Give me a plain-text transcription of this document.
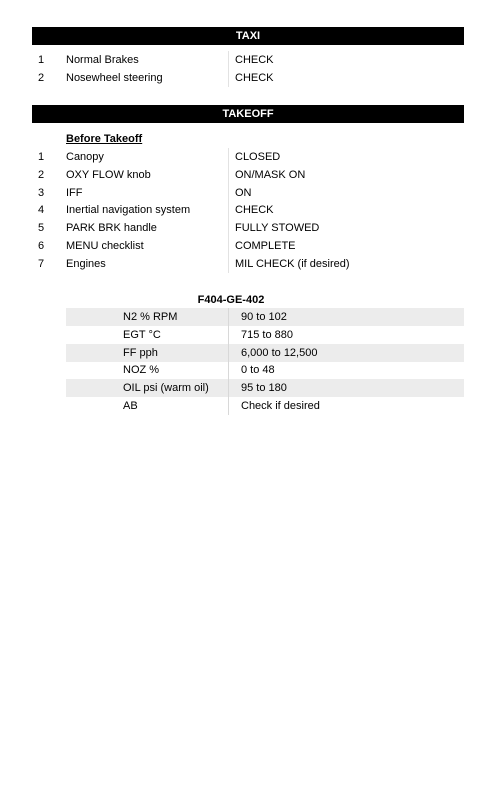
TAXI
1 Normal Brakes	CHECK
2 Nosewheel steering	CHECK
TAKEOFF
Before Takeoff
1 Canopy	CLOSED
2 OXY FLOW knob	ON/MASK ON
3 IFF	ON
4 Inertial navigation system	CHECK
5 PARK BRK handle	FULLY STOWED
6 MENU checklist	COMPLETE
7 Engines	MIL CHECK (if desired)
F404-GE-402
N2 % RPM	90 to 102
EGT °C	715 to 880
FF pph	6,000 to 12,500
NOZ %	0 to 48
OIL psi (warm oil)	95 to 180
AB	Check if desired
